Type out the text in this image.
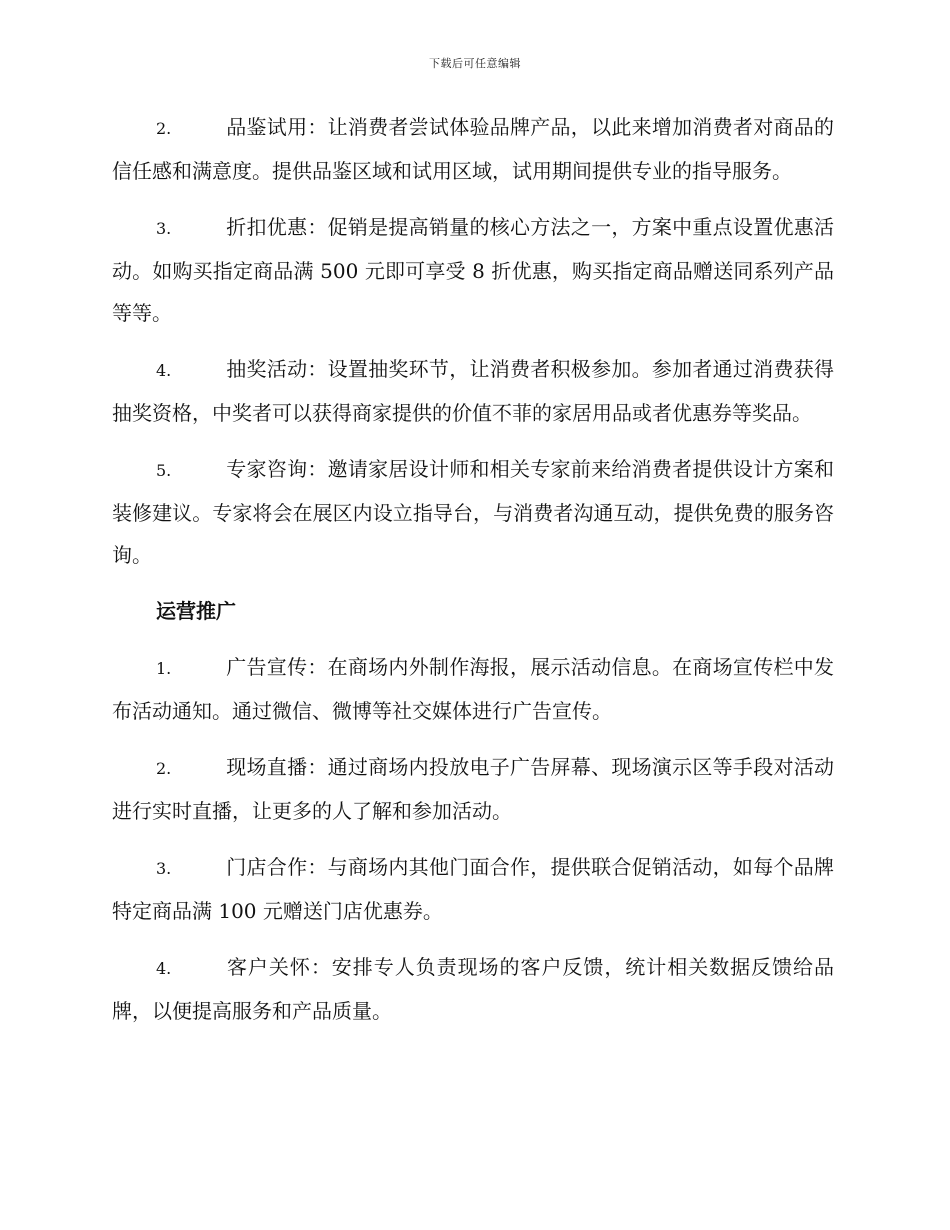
下载后可任意编辑

2.	品鉴试用：让消费者尝试体验品牌产品，以此来增加消费者对商品的信任感和满意度。提供品鉴区域和试用区域，试用期间提供专业的指导服务。

3.	折扣优惠：促销是提高销量的核心方法之一，方案中重点设置优惠活动。如购买指定商品满 500 元即可享受 8 折优惠，购买指定商品赠送同系列产品等等。

4.	抽奖活动：设置抽奖环节，让消费者积极参加。参加者通过消费获得抽奖资格，中奖者可以获得商家提供的价值不菲的家居用品或者优惠券等奖品。

5.	专家咨询：邀请家居设计师和相关专家前来给消费者提供设计方案和装修建议。专家将会在展区内设立指导台，与消费者沟通互动，提供免费的服务咨询。

运营推广

1.	广告宣传：在商场内外制作海报，展示活动信息。在商场宣传栏中发布活动通知。通过微信、微博等社交媒体进行广告宣传。

2.	现场直播：通过商场内投放电子广告屏幕、现场演示区等手段对活动进行实时直播，让更多的人了解和参加活动。

3.	门店合作：与商场内其他门面合作，提供联合促销活动，如每个品牌特定商品满 100 元赠送门店优惠券。

4.	客户关怀：安排专人负责现场的客户反馈，统计相关数据反馈给品牌，以便提高服务和产品质量。
